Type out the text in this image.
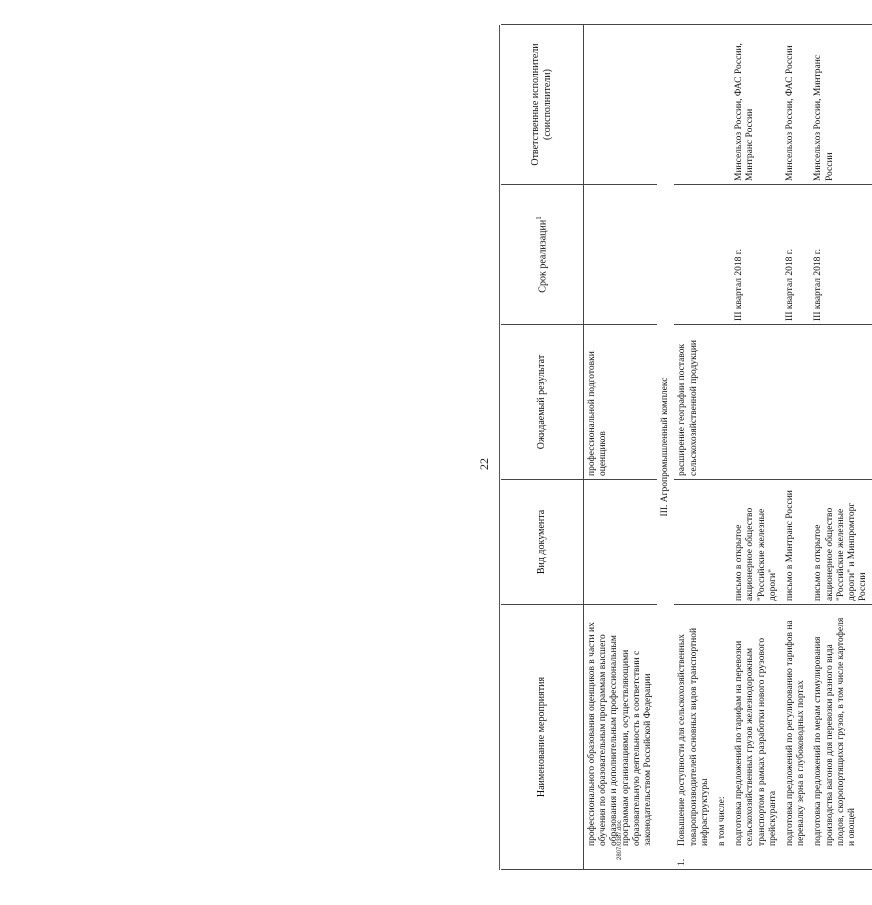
22
Наименование мероприятия	Вид документа	Ожидаемый результат	Срок реализации$^1$	Ответственные исполнители (соисполнители)
профессионального образования оценщиков в части их обучения по образовательным программам высшего образования и дополнительным профессиональным программам организациями, осуществляющими образовательную деятельность в соответствии с законодательством Российской Федерации		профессиональной подготовки оценщиков		
III. Агропромышленный комплекс				
1.Повышение доступности для сельскохозяйственных товаропроизводителей основных видов транспортной инфраструктуры		расширение географии поставок сельскохозяйственной продукции		
в том числе:				
подготовка предложений по тарифам на перевозки сельскохозяйственных грузов железнодорожным транспортом в рамках разработки нового грузового прейскуранта	письмо в открытое акционерное общество "Российские железные дороги"		III квартал 2018 г.	Минсельхоз России, ФАС России, Минтранс России
подготовка предложений по регулированию тарифов на перевалку зерна в глубоководных портах	письмо в Минтранс России		III квартал 2018 г.	Минсельхоз России, ФАС России
подготовка предложений по мерам стимулирования производства вагонов для перевозки разного вида плодов, скоропортящихся грузов, в том числе картофеля и овощей	письмо в открытое акционерное общество "Российские железные дороги" и Минпромторг России		III квартал 2018 г.	Минсельхоз России, Минтранс России
2807/0387.doc
